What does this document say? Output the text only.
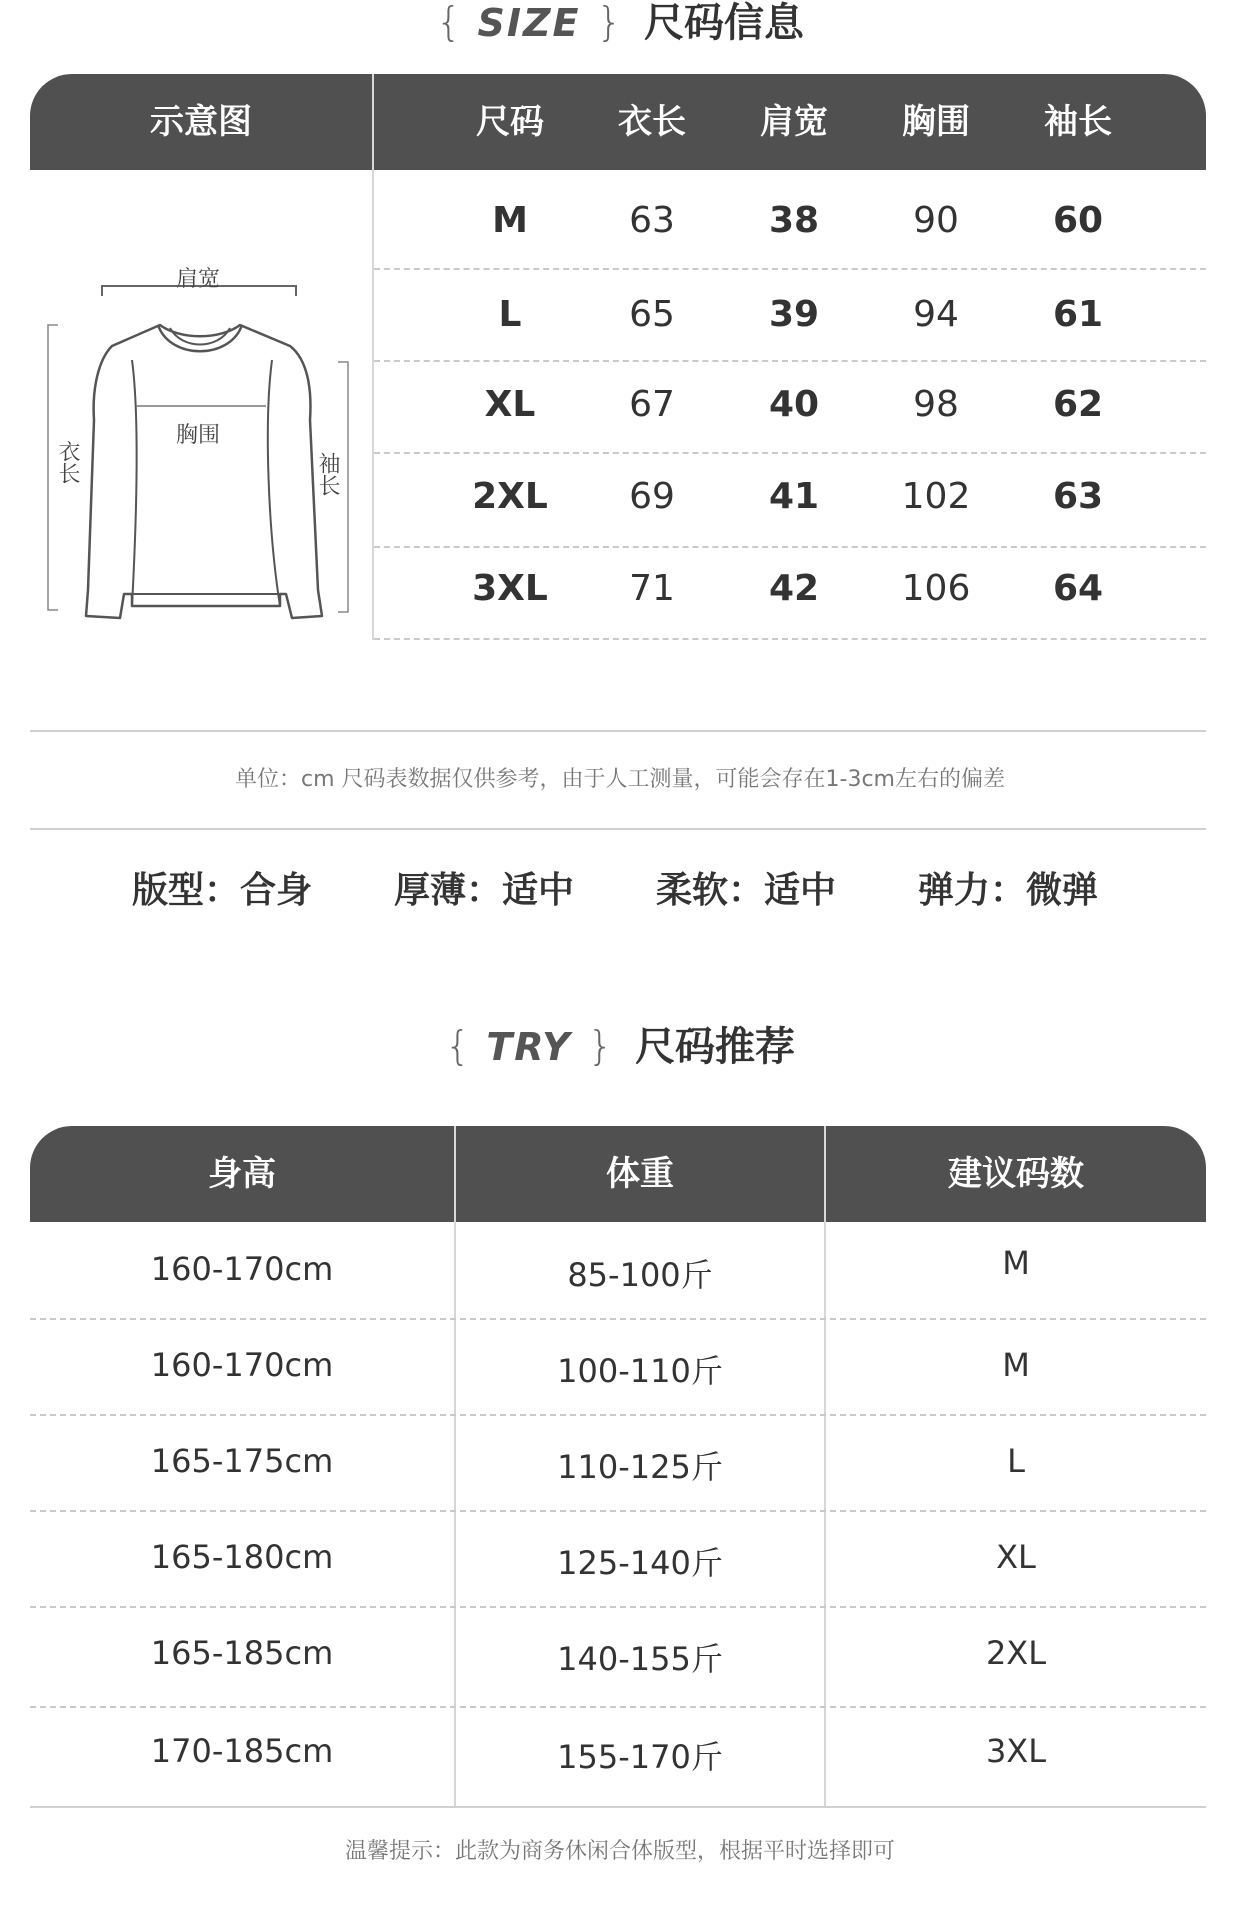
{ SIZE } 尺码信息
示意图	尺码	衣长	肩宽	胸围	袖长
肩宽
胸围
衣长	袖长
M	63	38	90	60
L	65	39	94	61
XL	67	40	98	62
2XL	69	41	102	63
3XL	71	42	106	64
单位：cm 尺码表数据仅供参考，由于人工测量，可能会存在1-3cm左右的偏差
版型：合身 厚薄：适中 柔软：适中 弹力：微弹
{ TRY } 尺码推荐
身高	体重	建议码数
160-170cm	85-100斤	M
160-170cm	100-110斤	M
165-175cm	110-125斤	L
165-180cm	125-140斤	XL
165-185cm	140-155斤	2XL
170-185cm	155-170斤	3XL
温馨提示：此款为商务休闲合体版型，根据平时选择即可
